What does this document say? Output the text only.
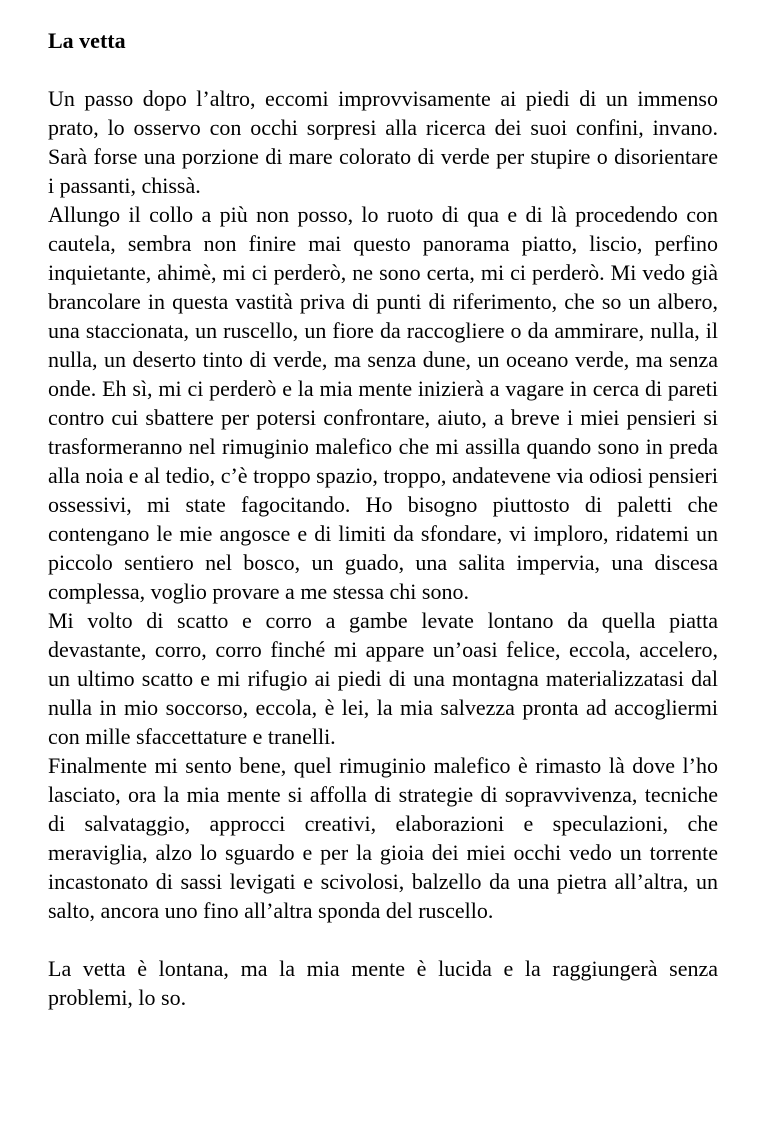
La vetta

Un passo dopo l’altro, eccomi improvvisamente ai piedi di un immenso prato, lo osservo con occhi sorpresi alla ricerca dei suoi confini, invano. Sarà forse una porzione di mare colorato di verde per stupire o disorientare i passanti, chissà.

Allungo il collo a più non posso, lo ruoto di qua e di là procedendo con cautela, sembra non finire mai questo panorama piatto, liscio, perfino inquietante, ahimè, mi ci perderò, ne sono certa, mi ci perderò. Mi vedo già brancolare in questa vastità priva di punti di riferimento, che so un albero, una staccionata, un ruscello, un fiore da raccogliere o da ammirare, nulla, il nulla, un deserto tinto di verde, ma senza dune, un oceano verde, ma senza onde. Eh sì, mi ci perderò e la mia mente inizierà a vagare in cerca di pareti contro cui sbattere per potersi confrontare, aiuto, a breve i miei pensieri si trasformeranno nel rimuginio malefico che mi assilla quando sono in preda alla noia e al tedio, c’è troppo spazio, troppo, andatevene via odiosi pensieri ossessivi, mi state fagocitando. Ho bisogno piuttosto di paletti che contengano le mie angosce e di limiti da sfondare, vi imploro, ridatemi un piccolo sentiero nel bosco, un guado, una salita impervia, una discesa complessa, voglio provare a me stessa chi sono.

Mi volto di scatto e corro a gambe levate lontano da quella piatta devastante, corro, corro finché mi appare un’oasi felice, eccola, accelero, un ultimo scatto e mi rifugio ai piedi di una montagna materializzatasi dal nulla in mio soccorso, eccola, è lei, la mia salvezza pronta ad accogliermi con mille sfaccettature e tranelli.

Finalmente mi sento bene, quel rimuginio malefico è rimasto là dove l’ho lasciato, ora la mia mente si affolla di strategie di sopravvivenza, tecniche di salvataggio, approcci creativi, elaborazioni e speculazioni, che meraviglia, alzo lo sguardo e per la gioia dei miei occhi vedo un torrente incastonato di sassi levigati e scivolosi, balzello da una pietra all’altra, un salto, ancora uno fino all’altra sponda del ruscello.

La vetta è lontana, ma la mia mente è lucida e la raggiungerà senza problemi, lo so.
